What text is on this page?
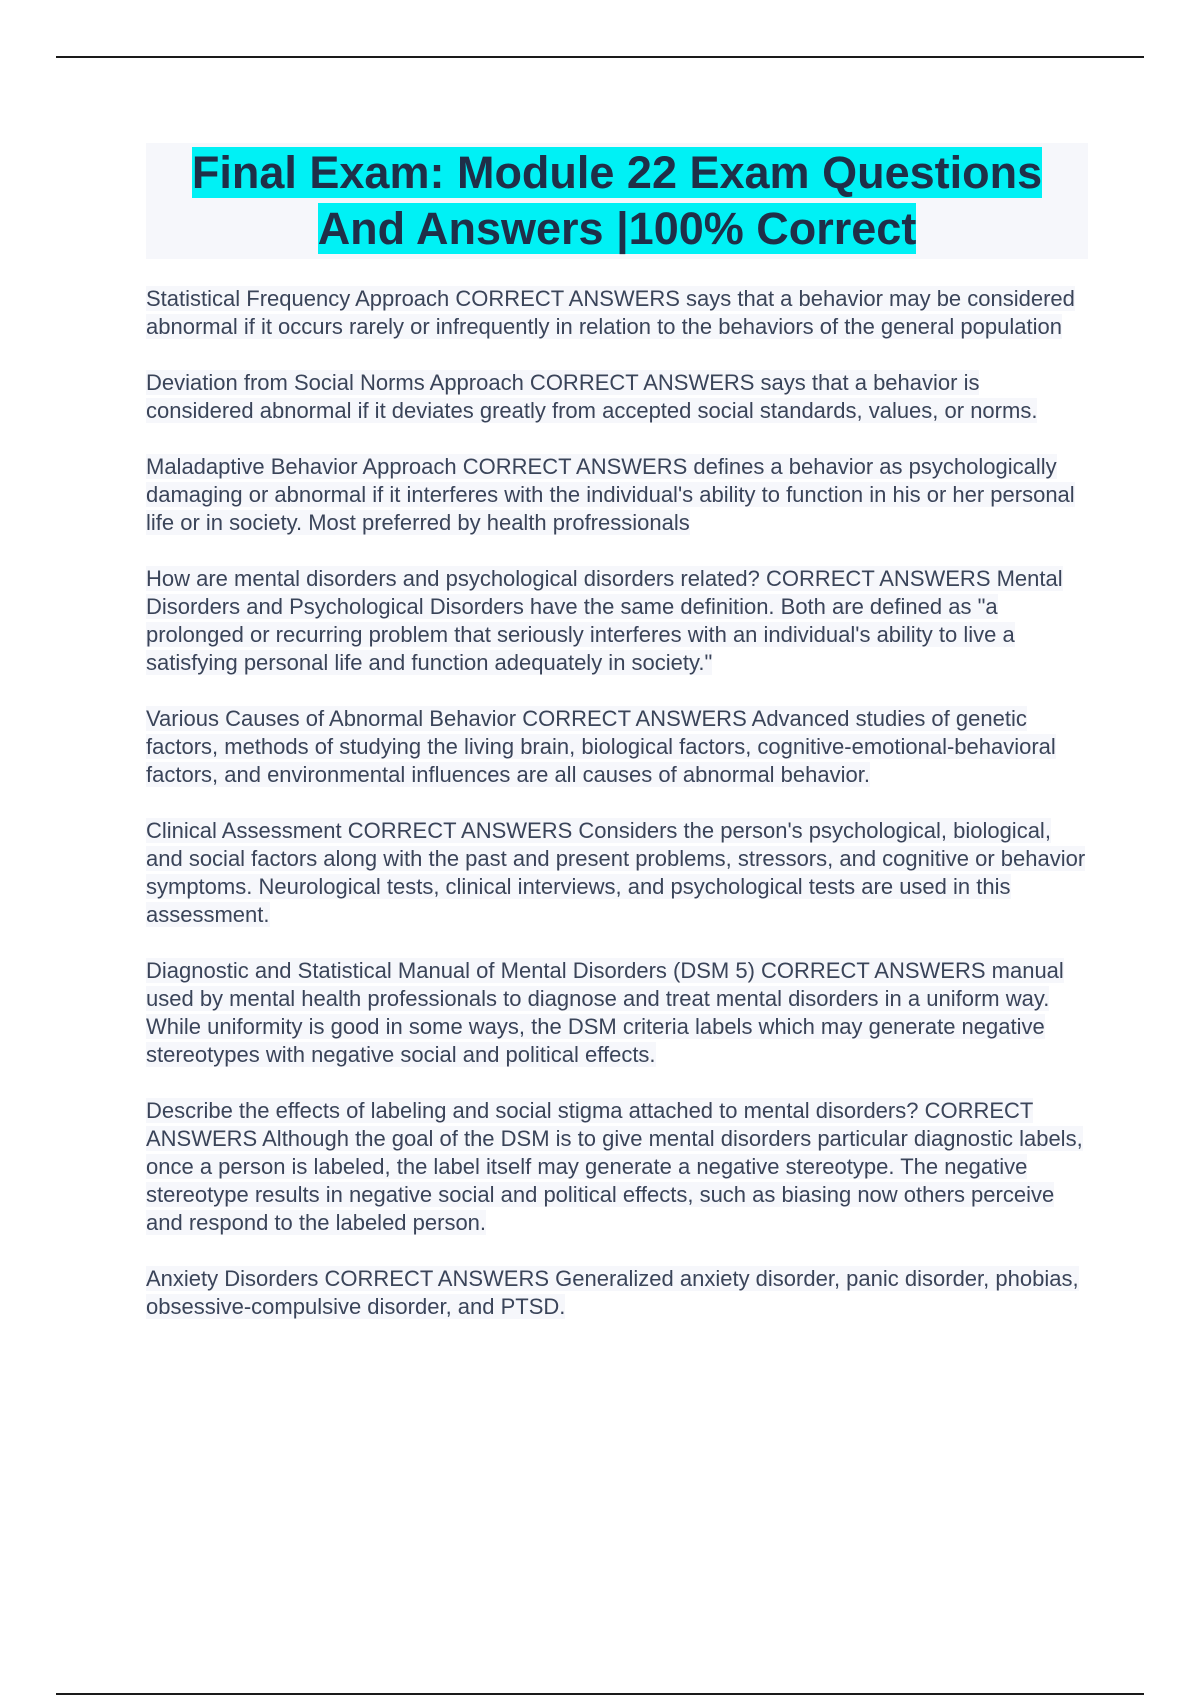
Final Exam: Module 22 Exam Questions And Answers |100% Correct

Statistical Frequency Approach CORRECT ANSWERS says that a behavior may be considered abnormal if it occurs rarely or infrequently in relation to the behaviors of the general population

Deviation from Social Norms Approach CORRECT ANSWERS says that a behavior is considered abnormal if it deviates greatly from accepted social standards, values, or norms.

Maladaptive Behavior Approach CORRECT ANSWERS defines a behavior as psychologically damaging or abnormal if it interferes with the individual's ability to function in his or her personal life or in society. Most preferred by health profressionals

How are mental disorders and psychological disorders related? CORRECT ANSWERS Mental Disorders and Psychological Disorders have the same definition. Both are defined as "a prolonged or recurring problem that seriously interferes with an individual's ability to live a satisfying personal life and function adequately in society."

Various Causes of Abnormal Behavior CORRECT ANSWERS Advanced studies of genetic factors, methods of studying the living brain, biological factors, cognitive-emotional-behavioral factors, and environmental influences are all causes of abnormal behavior.

Clinical Assessment CORRECT ANSWERS Considers the person's psychological, biological, and social factors along with the past and present problems, stressors, and cognitive or behavior symptoms. Neurological tests, clinical interviews, and psychological tests are used in this assessment.

Diagnostic and Statistical Manual of Mental Disorders (DSM 5) CORRECT ANSWERS manual used by mental health professionals to diagnose and treat mental disorders in a uniform way. While uniformity is good in some ways, the DSM criteria labels which may generate negative stereotypes with negative social and political effects.

Describe the effects of labeling and social stigma attached to mental disorders? CORRECT ANSWERS Although the goal of the DSM is to give mental disorders particular diagnostic labels, once a person is labeled, the label itself may generate a negative stereotype. The negative stereotype results in negative social and political effects, such as biasing now others perceive and respond to the labeled person.

Anxiety Disorders CORRECT ANSWERS Generalized anxiety disorder, panic disorder, phobias, obsessive-compulsive disorder, and PTSD.
